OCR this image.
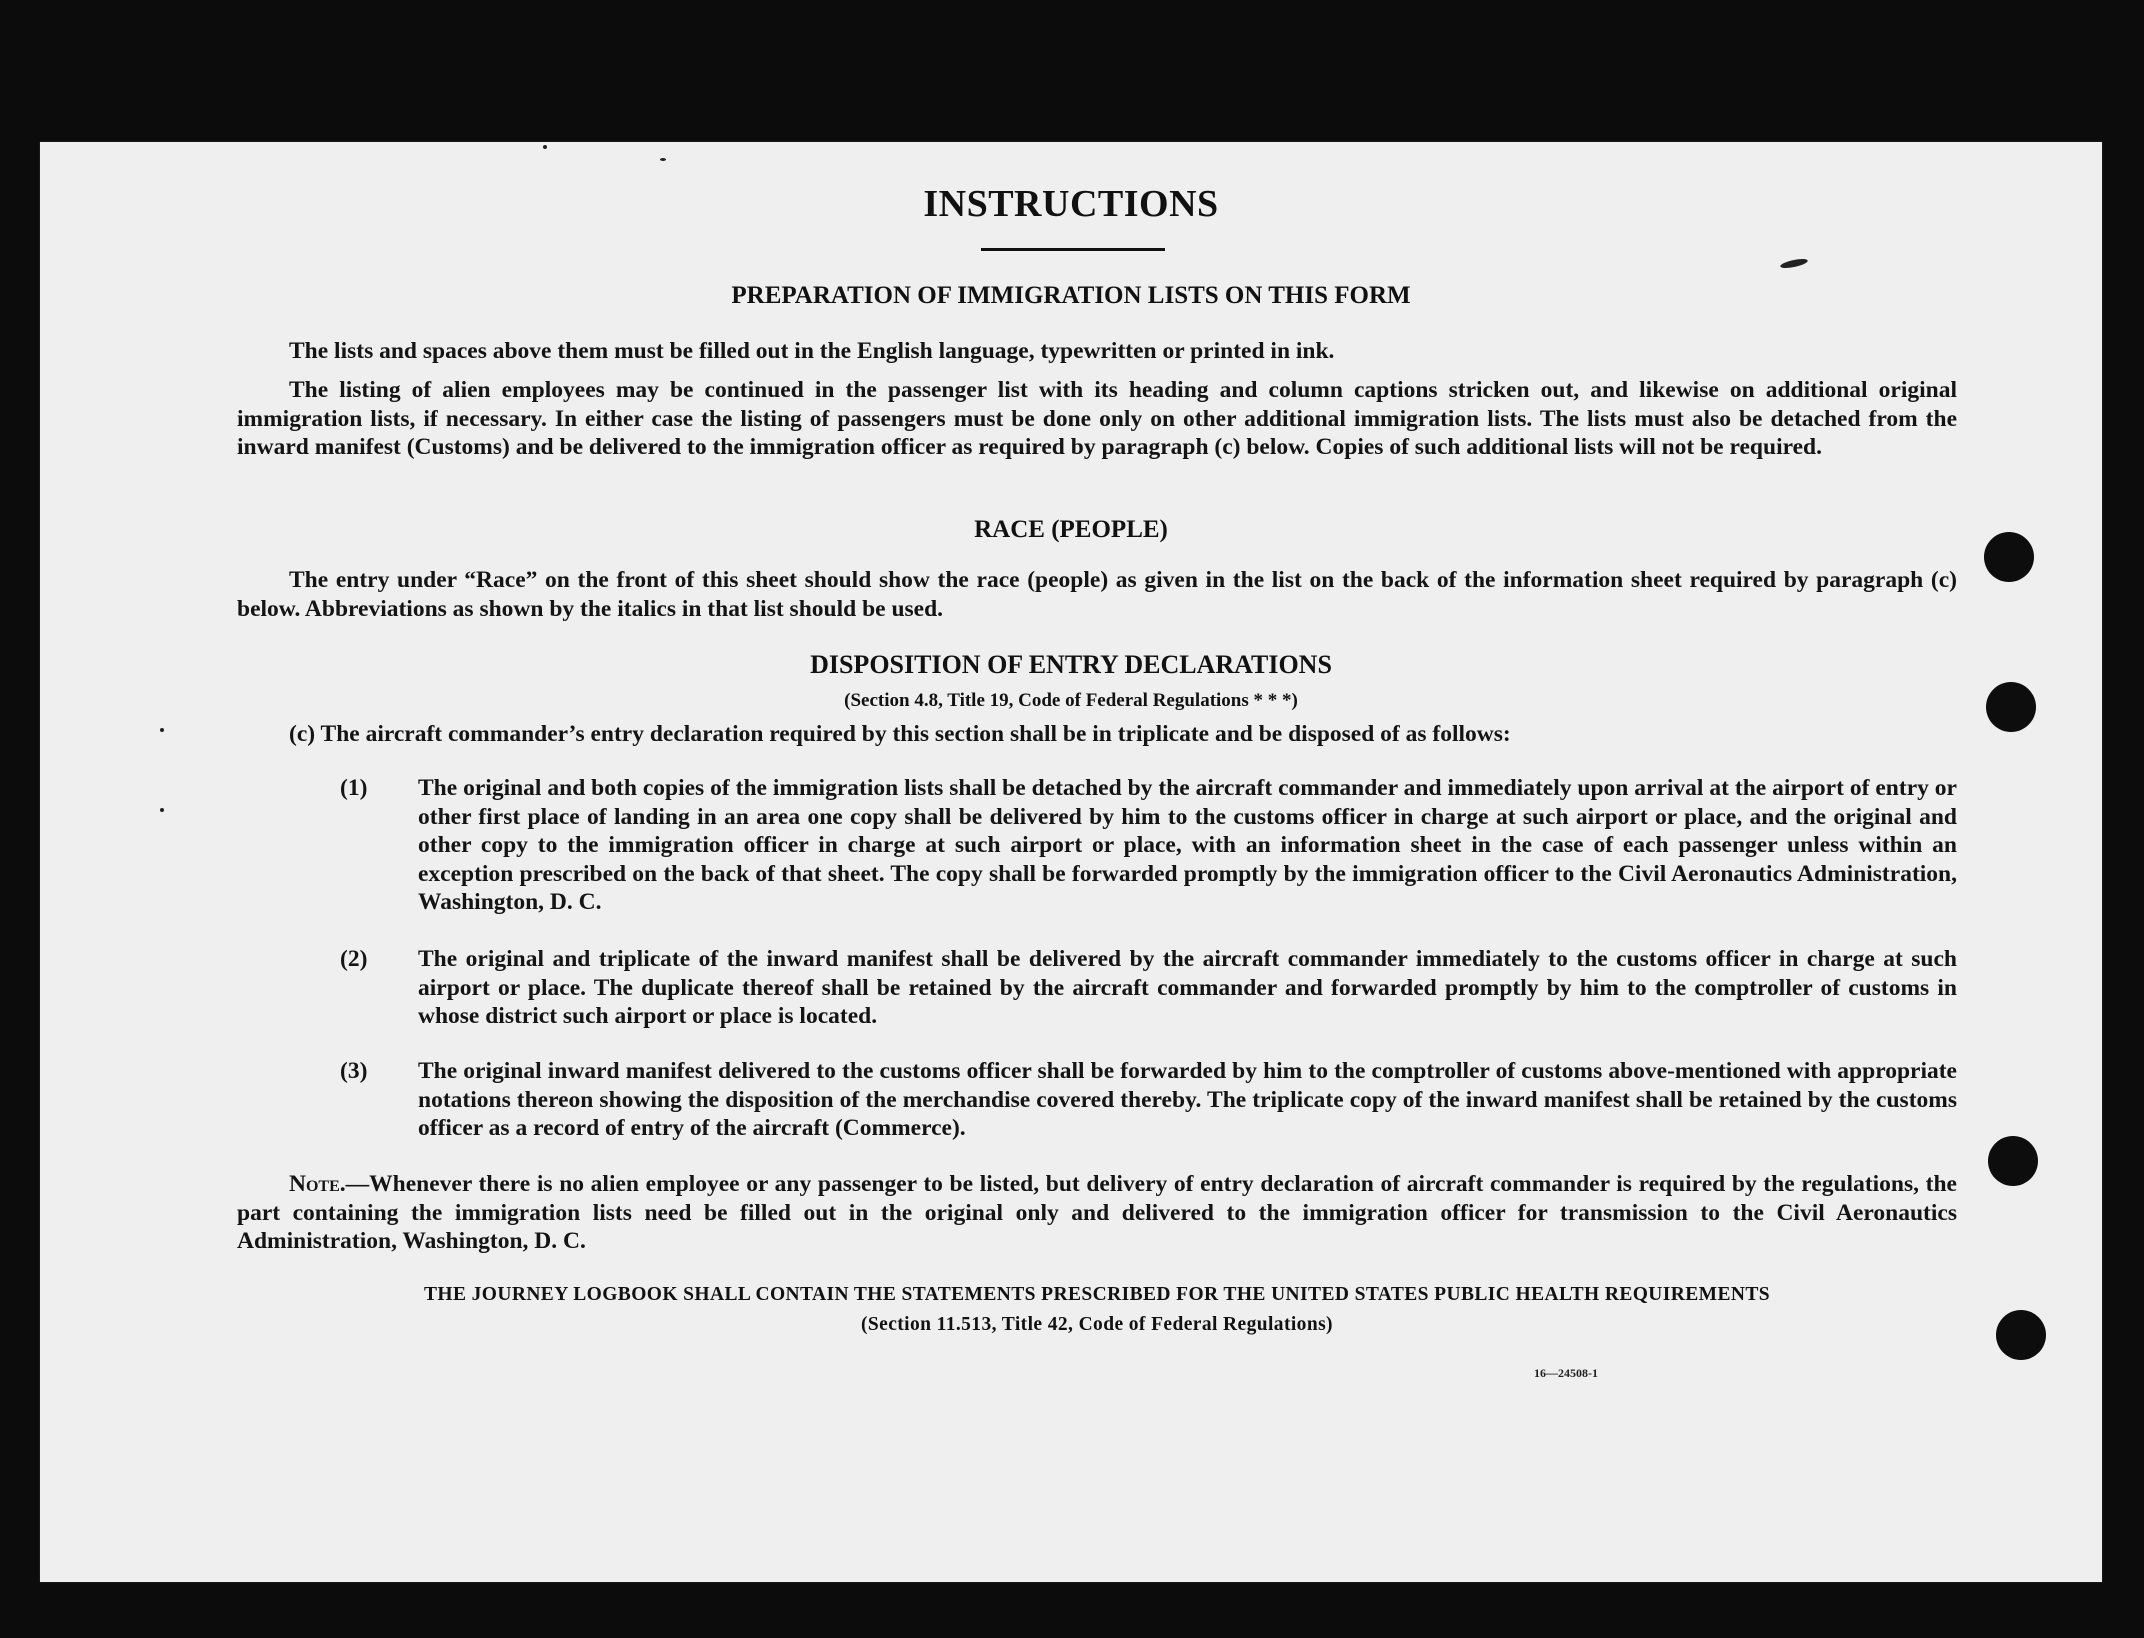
INSTRUCTIONS
PREPARATION OF IMMIGRATION LISTS ON THIS FORM
The lists and spaces above them must be filled out in the English language, typewritten or printed in ink.
The listing of alien employees may be continued in the passenger list with its heading and column captions stricken out, and likewise on additional original immigration lists, if necessary. In either case the listing of passengers must be done only on other additional immigration lists. The lists must also be detached from the inward manifest (Customs) and be delivered to the immigration officer as required by paragraph (c) below. Copies of such additional lists will not be required.
RACE (PEOPLE)
The entry under “Race” on the front of this sheet should show the race (people) as given in the list on the back of the information sheet required by paragraph (c) below. Abbreviations as shown by the italics in that list should be used.
DISPOSITION OF ENTRY DECLARATIONS
(Section 4.8, Title 19, Code of Federal Regulations * * *)
(c) The aircraft commander’s entry declaration required by this section shall be in triplicate and be disposed of as follows:
(1) The original and both copies of the immigration lists shall be detached by the aircraft commander and immediately upon arrival at the airport of entry or other first place of landing in an area one copy shall be delivered by him to the customs officer in charge at such airport or place, and the original and other copy to the immigration officer in charge at such airport or place, with an information sheet in the case of each passenger unless within an exception prescribed on the back of that sheet. The copy shall be forwarded promptly by the immigration officer to the Civil Aeronautics Administration, Washington, D. C.
(2) The original and triplicate of the inward manifest shall be delivered by the aircraft commander immediately to the customs officer in charge at such airport or place. The duplicate thereof shall be retained by the aircraft commander and forwarded promptly by him to the comptroller of customs in whose district such airport or place is located.
(3) The original inward manifest delivered to the customs officer shall be forwarded by him to the comptroller of customs above-mentioned with appropriate notations thereon showing the disposition of the merchandise covered thereby. The triplicate copy of the inward manifest shall be retained by the customs officer as a record of entry of the aircraft (Commerce).
Note.—Whenever there is no alien employee or any passenger to be listed, but delivery of entry declaration of aircraft commander is required by the regulations, the part containing the immigration lists need be filled out in the original only and delivered to the immigration officer for transmission to the Civil Aeronautics Administration, Washington, D. C.
THE JOURNEY LOGBOOK SHALL CONTAIN THE STATEMENTS PRESCRIBED FOR THE UNITED STATES PUBLIC HEALTH REQUIREMENTS
(Section 11.513, Title 42, Code of Federal Regulations)
16—24508-1
